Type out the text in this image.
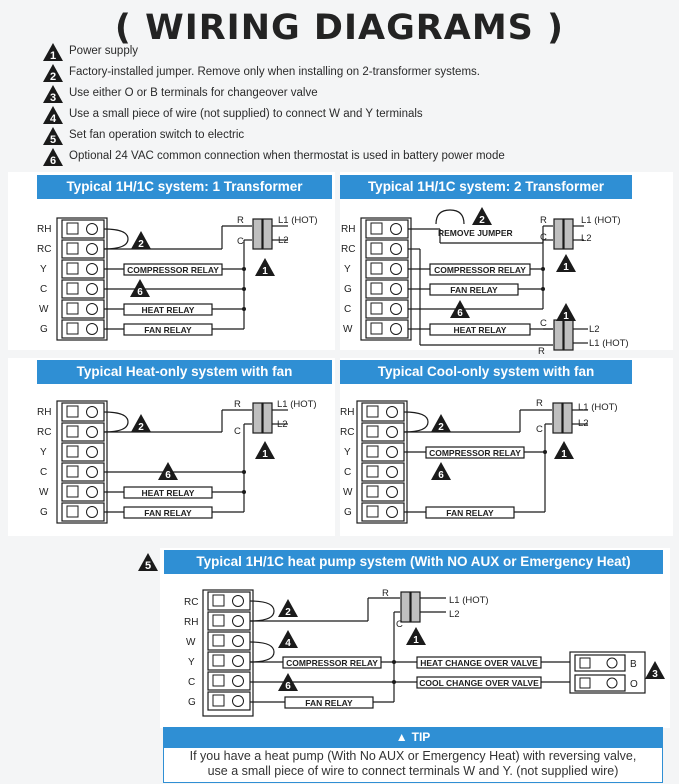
( WIRING DIAGRAMS )
1 Power supply
2 Factory-installed jumper. Remove only when installing on 2-transformer systems.
3 Use either O or B terminals for changeover valve
4 Use a small piece of wire (not supplied) to connect W and Y terminals
5 Set fan operation switch to electric
6 Optional 24 VAC common connection when thermostat is used in battery power mode
Typical 1H/1C system: 1 Transformer	Typical 1H/1C system: 2 Transformer
Typical Heat-only system with fan	Typical Cool-only system with fan
Typical 1H/1C heat pump system (With NO AUX or Emergency Heat)
5
2
6
1
RH
RC
Y
C
W
G
COMPRESSOR RELAY
HEAT RELAY
FAN RELAY
R
C
L1 (HOT)
L2
2
6
1
1
RH
RC
Y
G
C
W
REMOVE JUMPER
COMPRESSOR RELAY
FAN RELAY
HEAT RELAY
R
C
L1 (HOT)
L2
C
R
L2
L1 (HOT)
2
6
1
RH
RC
Y
C
W
G
HEAT RELAY
FAN RELAY
R
C
L1 (HOT)
L2	2
6
1
RH
RC
Y
C
W
G
COMPRESSOR RELAY
FAN RELAY
R
C
L1 (HOT)
L2
2
4
6
1
3
RC
RH
W
Y
C
G
COMPRESSOR RELAY
FAN RELAY
HEAT CHANGE OVER VALVE
COOL CHANGE OVER VALVE
B
O
R
C
L1 (HOT)
L2
▲ TIP
If you have a heat pump (With No AUX or Emergency Heat) with reversing valve,
use a small piece of wire to connect terminals W and Y. (not supplied wire)
